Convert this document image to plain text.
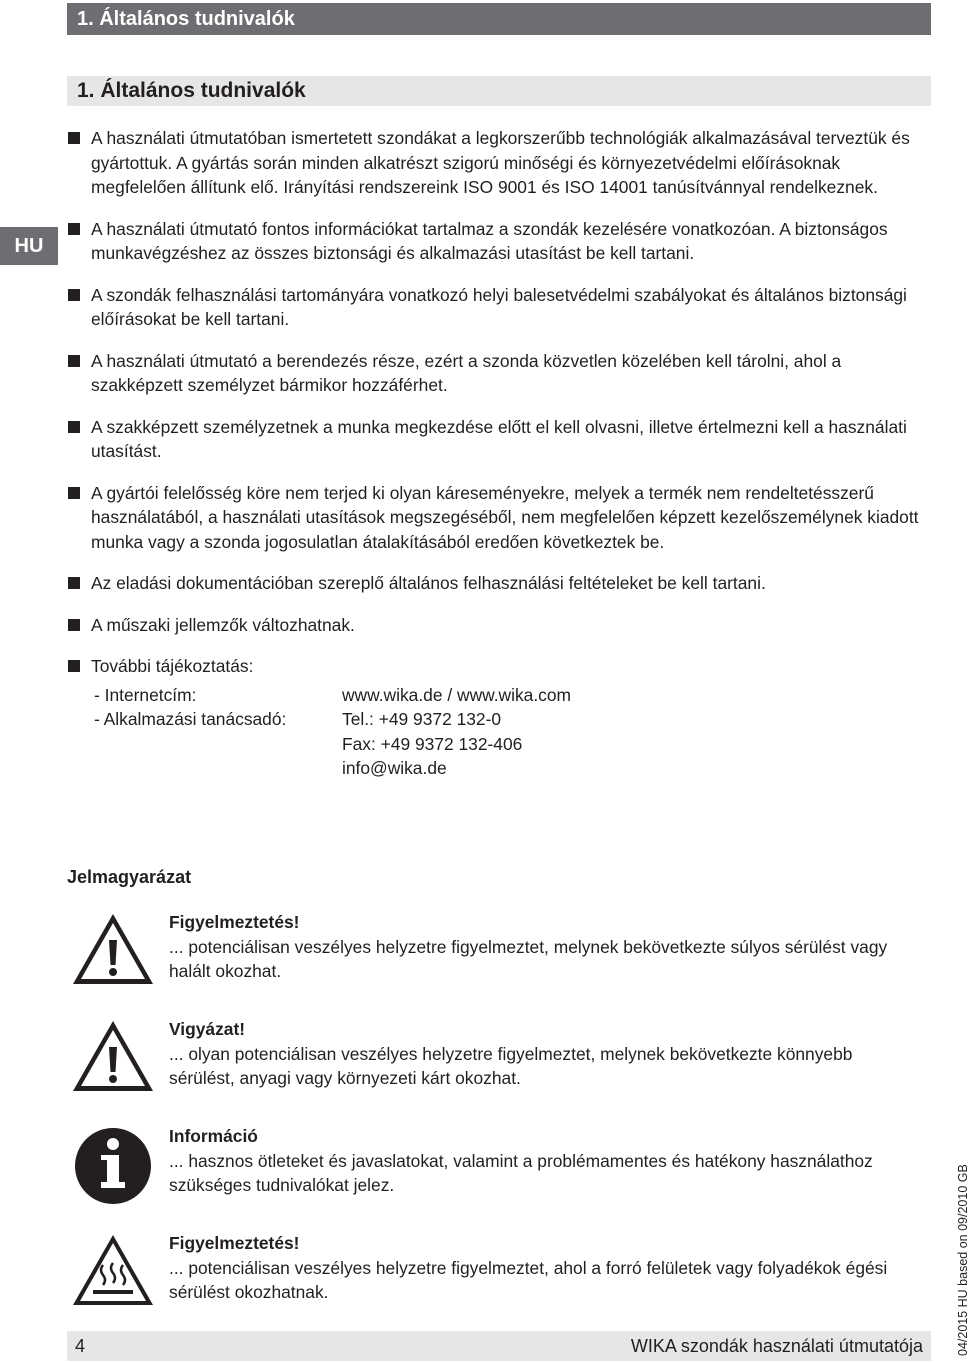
1. Általános tudnivalók
1. Általános tudnivalók
HU
A használati útmutatóban ismertetett szondákat a legkorszerűbb technológiák alkalmazásával terveztük és gyártottuk. A gyártás során minden alkatrészt szigorú minőségi és környezetvédelmi előírásoknak megfelelően állítunk elő. Irányítási rendszereink ISO 9001 és ISO 14001 tanúsítvánnyal rendelkeznek.
A használati útmutató fontos információkat tartalmaz a szondák kezelésére vonatkozóan. A biztonságos munkavégzéshez az összes biztonsági és alkalmazási utasítást be kell tartani.
A szondák felhasználási tartományára vonatkozó helyi balesetvédelmi szabályokat és általános biztonsági előírásokat be kell tartani.
A használati útmutató a berendezés része, ezért a szonda közvetlen közelében kell tárolni, ahol a szakképzett személyzet bármikor hozzáférhet.
A szakképzett személyzetnek a munka megkezdése előtt el kell olvasni, illetve értelmezni kell a használati utasítást.
A gyártói felelősség köre nem terjed ki olyan káreseményekre, melyek a termék nem rendeltetésszerű használatából, a használati utasítások megszegéséből, nem megfelelően képzett kezelőszemélynek kiadott munka vagy a szonda jogosulatlan átalakításából eredően következtek be.
Az eladási dokumentációban szereplő általános felhasználási feltételeket be kell tartani.
A műszaki jellemzők változhatnak.
További tájékoztatás:
- Internetcím:	www.wika.de / www.wika.com
- Alkalmazási tanácsadó:	Tel.: +49 9372 132-0
Fax: +49 9372 132-406
info@wika.de
Jelmagyarázat
Figyelmeztetés!
... potenciálisan veszélyes helyzetre figyelmeztet, melynek bekövetkezte súlyos sérülést vagy halált okozhat.
Vigyázat!
... olyan potenciálisan veszélyes helyzetre figyelmeztet, melynek bekövetkezte könnyebb sérülést, anyagi vagy környezeti kárt okozhat.
Információ
... hasznos ötleteket és javaslatokat, valamint a problémamentes és hatékony használathoz szükséges tudnivalókat jelez.
Figyelmeztetés!
... potenciálisan veszélyes helyzetre figyelmeztet, ahol a forró felületek vagy folyadékok égési sérülést okozhatnak.
4	WIKA szondák használati útmutatója	04/2015 HU based on 09/2010 GB
